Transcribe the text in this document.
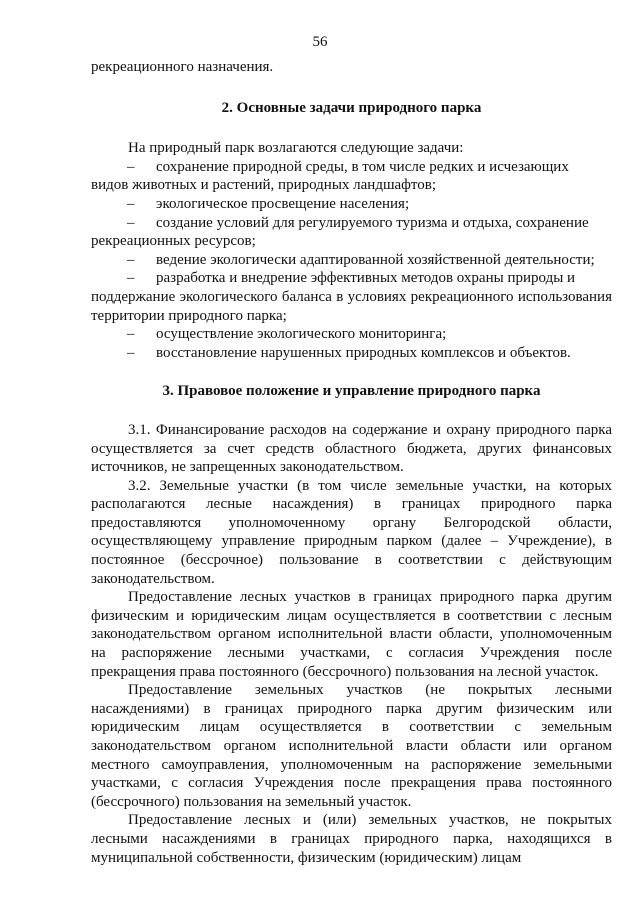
56

рекреационного назначения.

2. Основные задачи природного парка

На природный парк возлагаются следующие задачи:

–	сохранение природной среды, в том числе редких и исчезающих

видов животных и растений, природных ландшафтов;

–	экологическое просвещение населения;
–	создание условий для регулируемого туризма и отдыха, сохранение

рекреационных ресурсов;

–	ведение экологически адаптированной хозяйственной деятельности;
–	разработка и внедрение эффективных методов охраны природы и

поддержание экологического баланса в условиях рекреационного использования территории природного парка;

–	осуществление экологического мониторинга;
–	восстановление нарушенных природных комплексов и объектов.

3. Правовое положение и управление природного парка

3.1. Финансирование расходов на содержание и охрану природного парка осуществляется за счет средств областного бюджета, других финансовых источников, не запрещенных законодательством.

3.2. Земельные участки (в том числе земельные участки, на которых располагаются лесные насаждения) в границах природного парка предоставляются уполномоченному органу Белгородской области, осуществляющему управление природным парком (далее – Учреждение), в постоянное (бессрочное) пользование в соответствии с действующим законодательством.

Предоставление лесных участков в границах природного парка другим физическим и юридическим лицам осуществляется в соответствии с лесным законодательством органом исполнительной власти области, уполномоченным на распоряжение лесными участками, с согласия Учреждения после прекращения права постоянного (бессрочного) пользования на лесной участок.

Предоставление земельных участков (не покрытых лесными насаждениями) в границах природного парка другим физическим или юридическим лицам осуществляется в соответствии с земельным законодательством органом исполнительной власти области или органом местного самоуправления, уполномоченным на распоряжение земельными участками, с согласия Учреждения после прекращения права постоянного (бессрочного) пользования на земельный участок.

Предоставление лесных и (или) земельных участков, не покрытых лесными насаждениями в границах природного парка, находящихся в муниципальной собственности, физическим (юридическим) лицам
